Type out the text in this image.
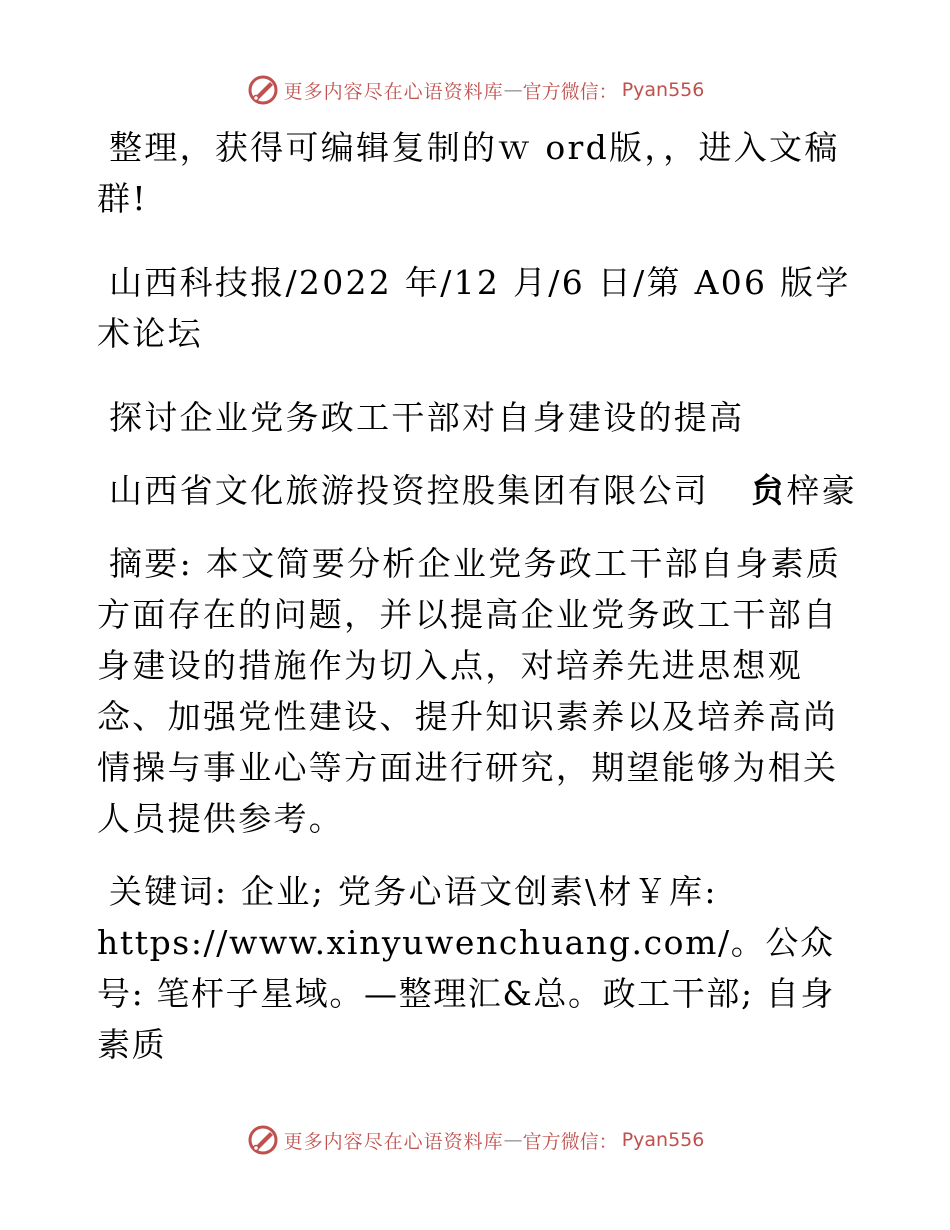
更多内容尽在心语资料库 — 官方微信： Pyan556

整理，获得可编辑复制的ｗ ord版，，进入文稿群!

山西科技报/2022 年/12 月/6 日/第 A06 版学术论坛

探讨企业党务政工干部对自身建设的提高

山西省文化旅游投资控股集团有限公司	贠梓豪

摘要: 本文简要分析企业党务政工干部自身素质方面存在的问题，并以提高企业党务政工干部自身建设的措施作为切入点，对培养先进思想观念、加强党性建设、提升知识素养以及培养高尚情操与事业心等方面进行研究，期望能够为相关人员提供参考。

关键词: 企业; 党务心语文创素\材￥库:

https://www.xinyuwenchuang.com/。公众号: 笔杆子星域。—整理汇&总。政工干部; 自身素质

更多内容尽在心语资料库 — 官方微信： Pyan556
